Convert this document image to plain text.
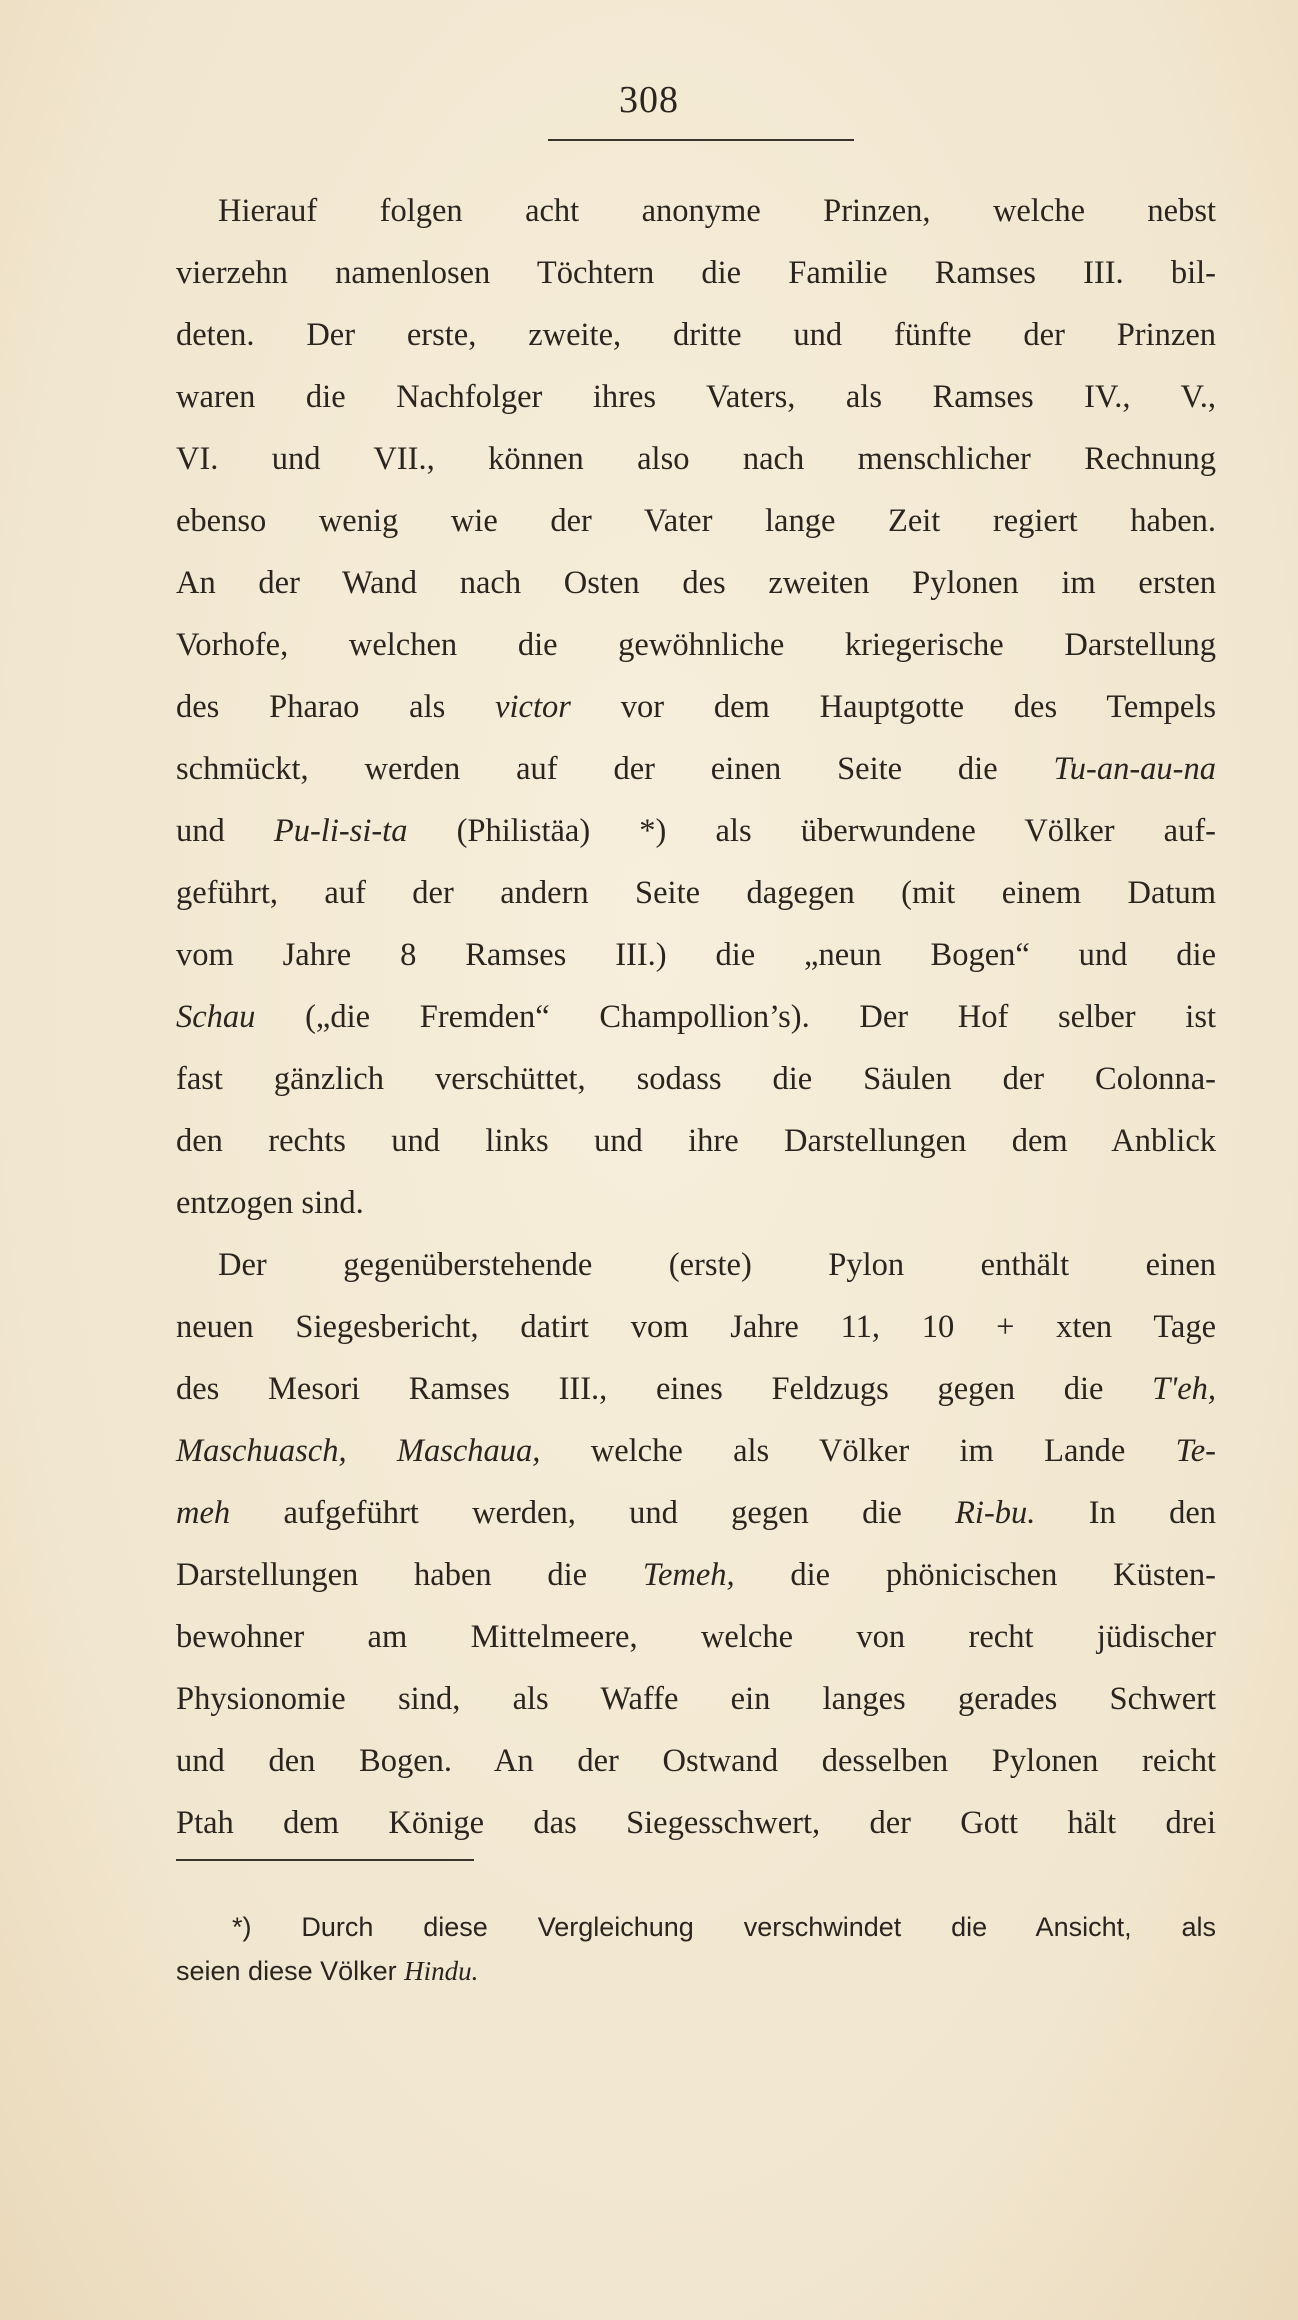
308
Hierauf folgen acht anonyme Prinzen, welche nebst
vierzehn namenlosen Töchtern die Familie Ramses III. bil-
deten. Der erste, zweite, dritte und fünfte der Prinzen
waren die Nachfolger ihres Vaters, als Ramses IV., V.,
VI. und VII., können also nach menschlicher Rechnung
ebenso wenig wie der Vater lange Zeit regiert haben.
An der Wand nach Osten des zweiten Pylonen im ersten
Vorhofe, welchen die gewöhnliche kriegerische Darstellung
des Pharao als victor vor dem Hauptgotte des Tempels
schmückt, werden auf der einen Seite die Tu-an-au-na
und Pu-li-si-ta (Philistäa) *) als überwundene Völker auf-
geführt, auf der andern Seite dagegen (mit einem Datum
vom Jahre 8 Ramses III.) die „neun Bogen“ und die
Schau („die Fremden“ Champollion’s). Der Hof selber ist
fast gänzlich verschüttet, sodass die Säulen der Colonna-
den rechts und links und ihre Darstellungen dem Anblick
entzogen sind.
Der gegenüberstehende (erste) Pylon enthält einen
neuen Siegesbericht, datirt vom Jahre 11, 10 + xten Tage
des Mesori Ramses III., eines Feldzugs gegen die T'eh,
Maschuasch, Maschaua, welche als Völker im Lande Te-
meh aufgeführt werden, und gegen die Ri-bu. In den
Darstellungen haben die Temeh, die phönicischen Küsten-
bewohner am Mittelmeere, welche von recht jüdischer
Physionomie sind, als Waffe ein langes gerades Schwert
und den Bogen. An der Ostwand desselben Pylonen reicht
Ptah dem Könige das Siegesschwert, der Gott hält drei
*) Durch diese Vergleichung verschwindet die Ansicht, als
seien diese Völker Hindu.
